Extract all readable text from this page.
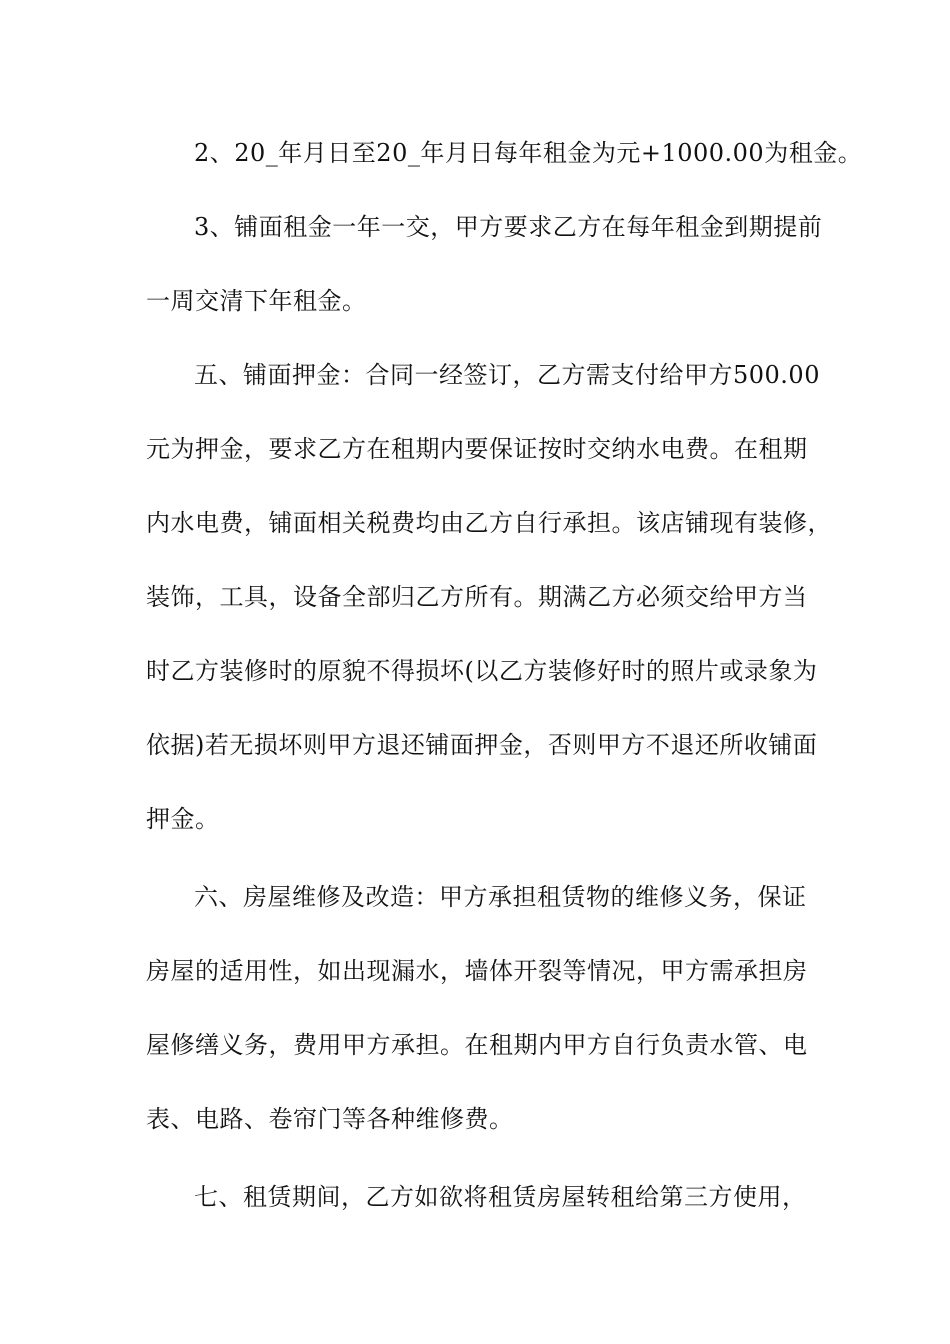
2、20_年月日至20_年月日每年租金为元+1000.00为租金。
3、铺面租金一年一交，甲方要求乙方在每年租金到期提前
一周交清下年租金。
五、铺面押金：合同一经签订，乙方需支付给甲方500.00
元为押金，要求乙方在租期内要保证按时交纳水电费。在租期
内水电费，铺面相关税费均由乙方自行承担。该店铺现有装修，
装饰，工具，设备全部归乙方所有。期满乙方必须交给甲方当
时乙方装修时的原貌不得损坏(以乙方装修好时的照片或录象为
依据)若无损坏则甲方退还铺面押金，否则甲方不退还所收铺面
押金。
六、房屋维修及改造：甲方承担租赁物的维修义务，保证
房屋的适用性，如出现漏水，墙体开裂等情况，甲方需承担房
屋修缮义务，费用甲方承担。在租期内甲方自行负责水管、电
表、电路、卷帘门等各种维修费。
七、租赁期间，乙方如欲将租赁房屋转租给第三方使用，
